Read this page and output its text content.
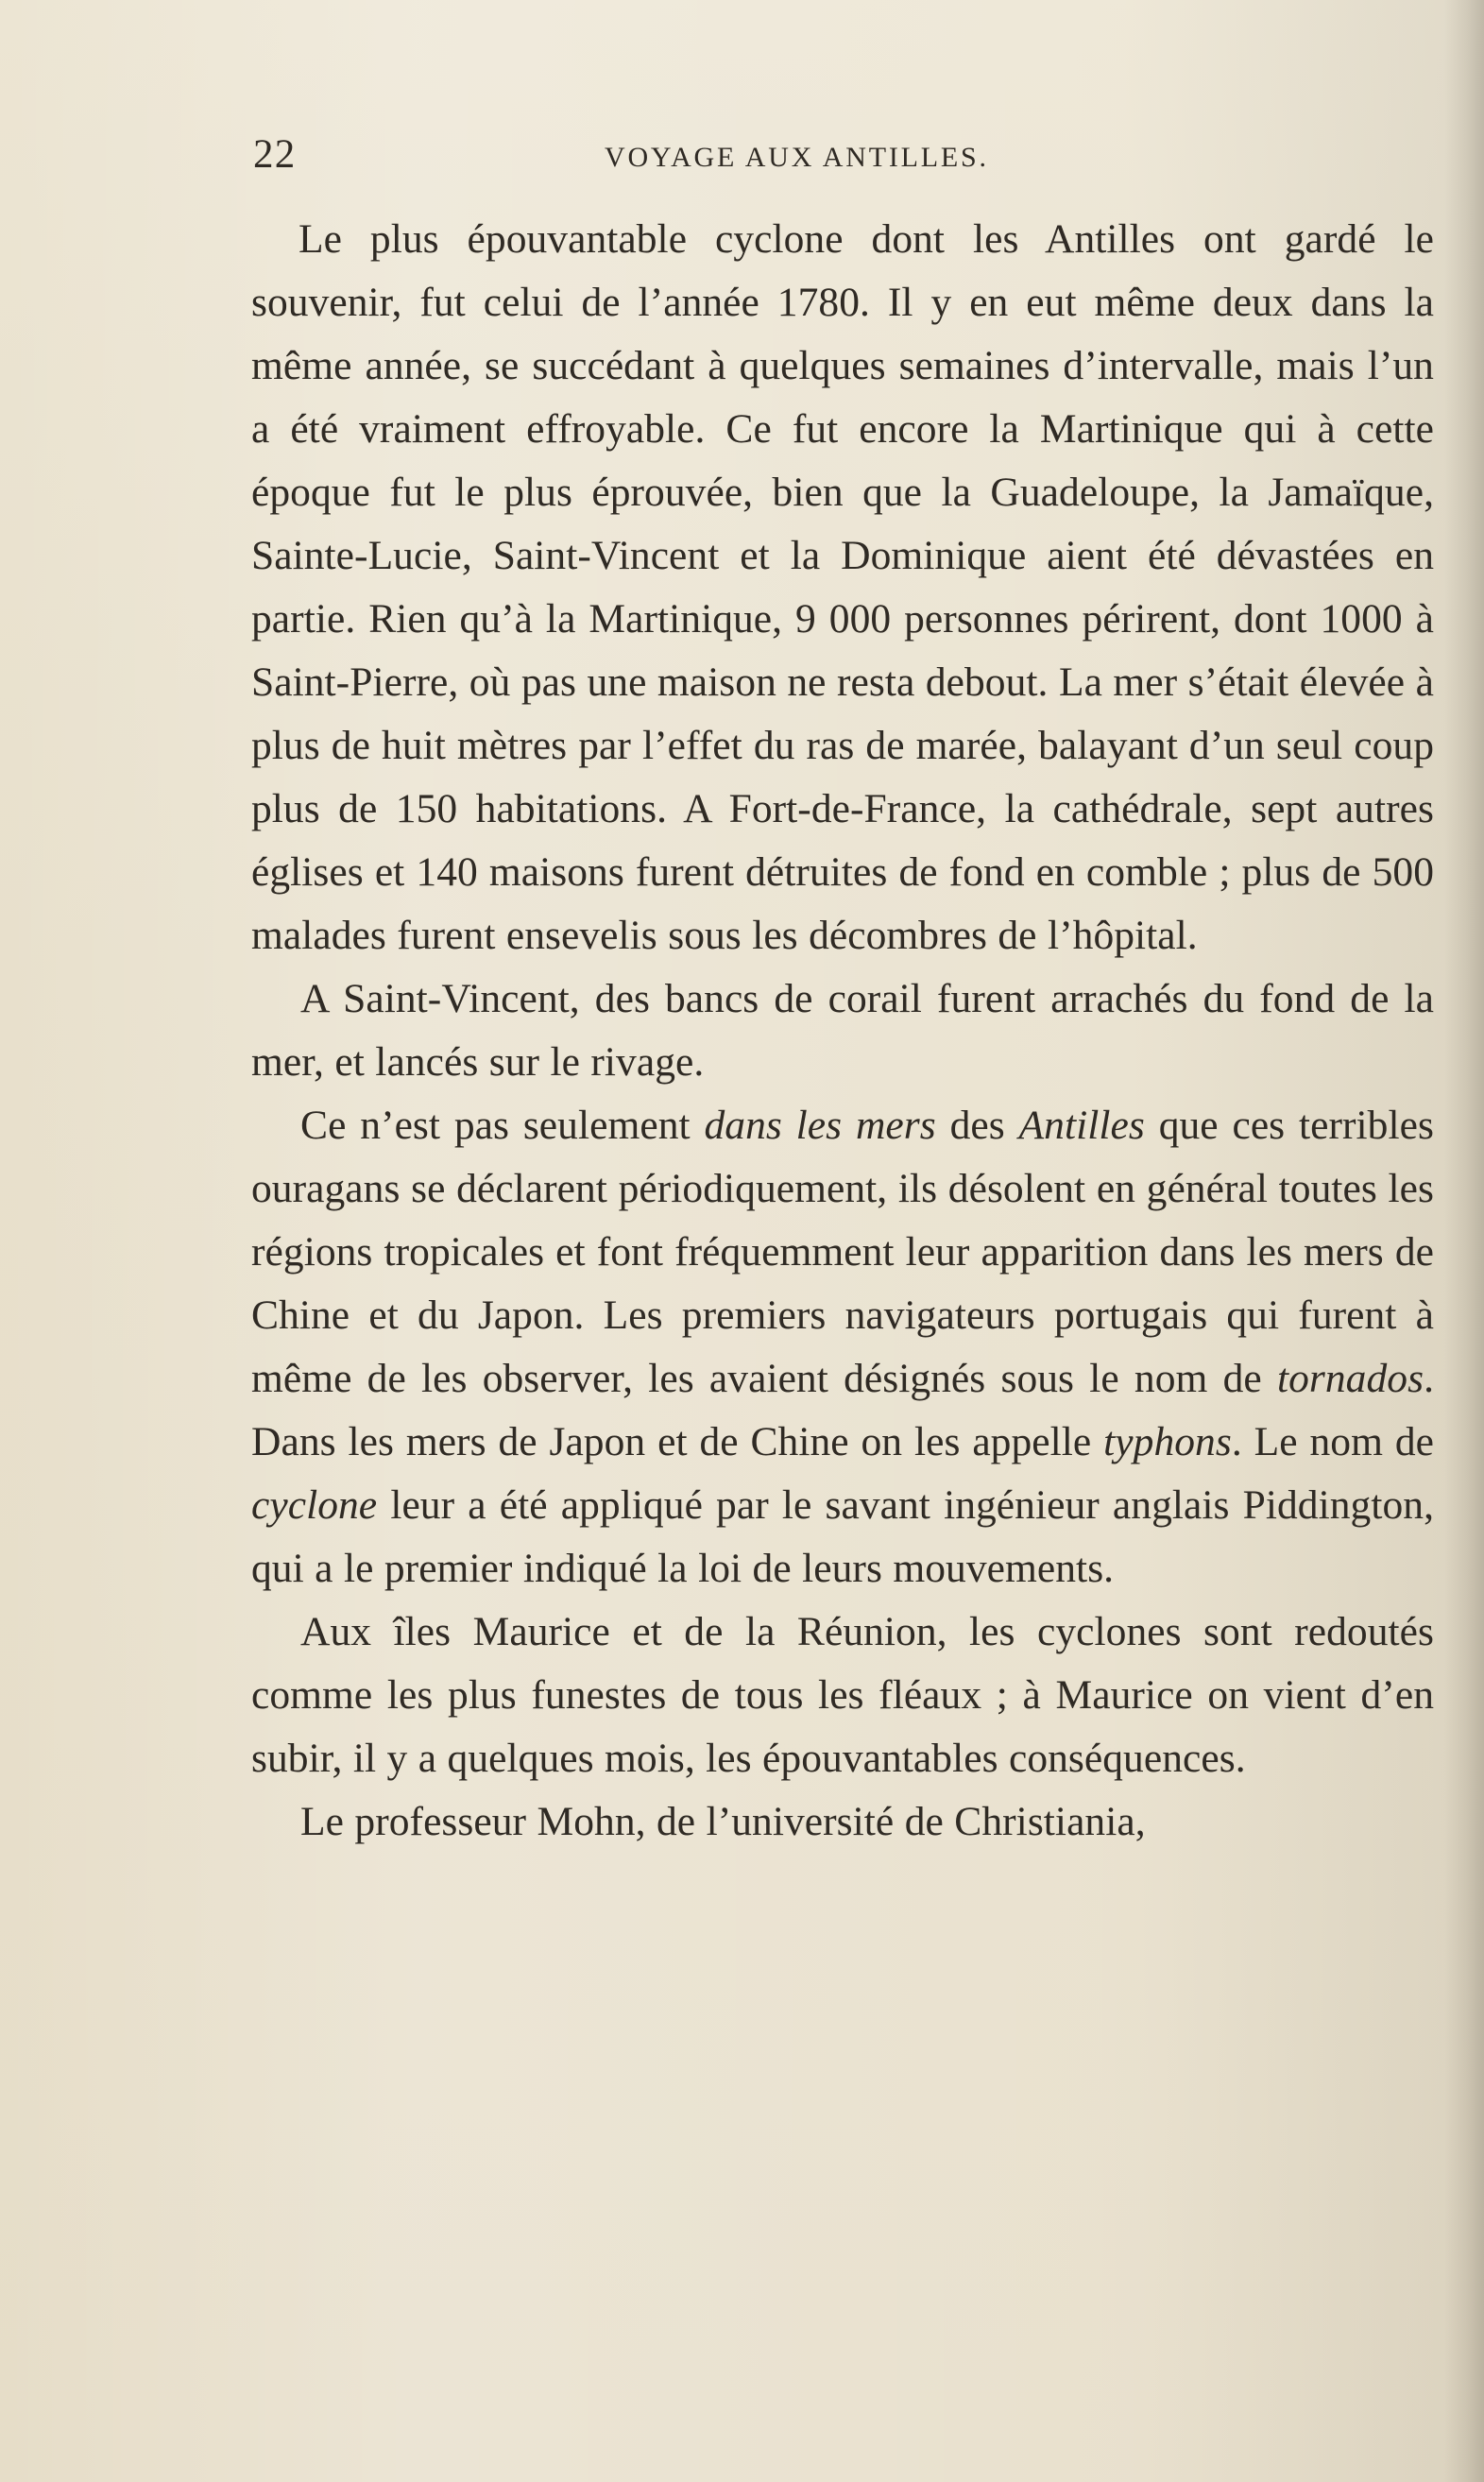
22	VOYAGE AUX ANTILLES.

Le plus épouvantable cyclone dont les Antilles ont gardé le souvenir, fut celui de l’année 1780. Il y en eut même deux dans la même année, se succédant à quelques semaines d’intervalle, mais l’un a été vraiment effroyable. Ce fut encore la Martinique qui à cette époque fut le plus éprouvée, bien que la Guadeloupe, la Jamaïque, Sainte-Lucie, Saint-Vincent et la Dominique aient été dévastées en partie. Rien qu’à la Martinique, 9 000 personnes périrent, dont 1000 à Saint-Pierre, où pas une maison ne resta debout. La mer s’était élevée à plus de huit mètres par l’effet du ras de marée, balayant d’un seul coup plus de 150 habitations. A Fort-de-France, la cathédrale, sept autres églises et 140 maisons furent détruites de fond en comble ; plus de 500 malades furent ensevelis sous les décombres de l’hôpital.

A Saint-Vincent, des bancs de corail furent arrachés du fond de la mer, et lancés sur le rivage.

Ce n’est pas seulement dans les mers des Antilles que ces terribles ouragans se déclarent périodiquement, ils désolent en général toutes les régions tropicales et font fréquemment leur apparition dans les mers de Chine et du Japon. Les premiers navigateurs portugais qui furent à même de les observer, les avaient désignés sous le nom de tornados. Dans les mers de Japon et de Chine on les appelle typhons. Le nom de cyclone leur a été appliqué par le savant ingénieur anglais Piddington, qui a le premier indiqué la loi de leurs mouvements.

Aux îles Maurice et de la Réunion, les cyclones sont redoutés comme les plus funestes de tous les fléaux ; à Maurice on vient d’en subir, il y a quelques mois, les épouvantables conséquences.

Le professeur Mohn, de l’université de Christiania,
